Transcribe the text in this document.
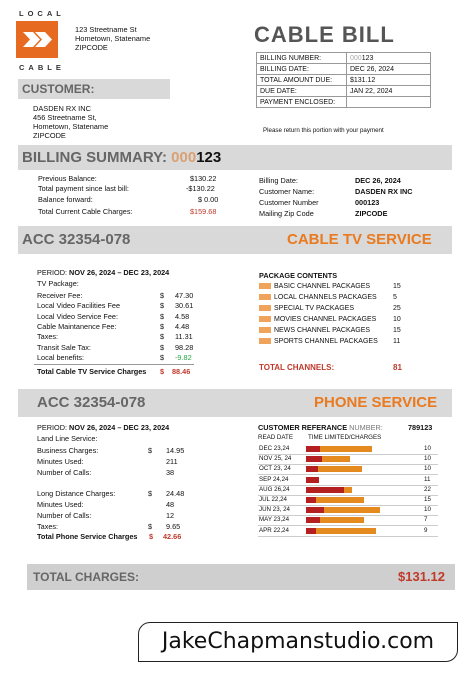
LOCAL
CABLE
123 Streetname St
Hometown, Statename
ZIPCODE
CABLE BILL
BILLING NUMBER:	000123
BILLING DATE:	DEC 26, 2024
TOTAL AMOUNT DUE:	$131.12
DUE DATE:	JAN 22, 2024
PAYMENT ENCLOSED:	
Please return this portion with your payment
CUSTOMER:
DASDEN RX INC
456 Streetname St,
Hometown, Statename
ZIPCODE
BILLING SUMMARY: 000123
Previous Balance:	$130.22
Total payment since last bill:	-$130.22
Balance forward:	$ 0.00
Total Current Cable Charges:	$159.68
Billing Date:	DEC 26, 2024
Customer Name:	DASDEN RX INC
Customer Number	000123
Mailing Zip Code	ZIPCODE
ACC 32354-078	CABLE TV SERVICE
PERIOD: NOV 26, 2024 – DEC 23, 2024
TV Package:
Receiver Fee:	$ 47.30
Local Video Facilities Fee	$ 30.61
Local Video Service Fee:	$ 4.58
Cable Maintanence Fee:	$ 4.48
Taxes:	$ 11.31
Transit Sale Tax:	$ 98.28
Local benefits:	$ -9.82
Total Cable TV Service Charges $ 88.46
PACKAGE CONTENTS
BASIC CHANNEL PACKAGES	15
LOCAL CHANNELS PACKAGES 5
SPECIAL TV PACKAGES	25
MOVIES CHANNEL PACKAGES 10
NEWS CHANNEL PACKAGES	15
SPORTS CHANNEL PACKAGES 11
TOTAL CHANNELS:	81
ACC 32354-078	PHONE SERVICE
PERIOD: NOV 26, 2024 – DEC 23, 2024
Land Line Service:
Business Charges:	$ 14.95
Minutes Used:	211
Number of Calls:	38
Long Distance Charges:	$ 24.48
Minutes Used:	48
Number of Calls:	12
Taxes:	$ 9.65
Total Phone Service Charges $ 42.66
CUSTOMER REFERANCE NUMBER:	789123
READ DATE TIME LIMITED/CHARGES
DEC 23,24	10
NOV 25, 24	10
OCT 23, 24	10
SEP 24,24	11
AUG 26,24	22
JUL 22,24	15
JUN 23, 24	10
MAY 23,24	7
APR 22,24	9
TOTAL CHARGES:	$131.12
JakeChapmanstudio.com
